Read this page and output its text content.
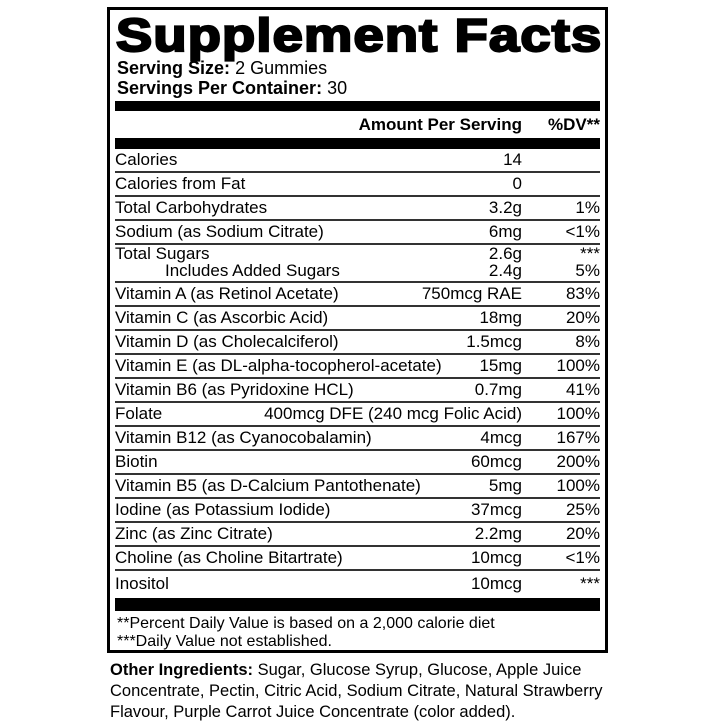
Supplement Facts
Serving Size: 2 Gummies
Servings Per Container: 30
Amount Per Serving	%DV**
Calories	14
Calories from Fat	0
Total Carbohydrates	3.2g	1%
Sodium (as Sodium Citrate)	6mg	<1%
Total Sugars	2.6g	***
Includes Added Sugars	2.4g	5%
Vitamin A (as Retinol Acetate)	750mcg RAE	83%
Vitamin C (as Ascorbic Acid)	18mg	20%
Vitamin D (as Cholecalciferol)	1.5mcg	8%
Vitamin E (as DL-alpha-tocopherol-acetate)	15mg	100%
Vitamin B6 (as Pyridoxine HCL)	0.7mg	41%
Folate	400mcg DFE (240 mcg Folic Acid)	100%
Vitamin B12 (as Cyanocobalamin)	4mcg	167%
Biotin	60mcg	200%
Vitamin B5 (as D-Calcium Pantothenate)	5mg	100%
Iodine (as Potassium Iodide)	37mcg	25%
Zinc (as Zinc Citrate)	2.2mg	20%
Choline (as Choline Bitartrate)	10mcg	<1%
Inositol	10mcg	***
**Percent Daily Value is based on a 2,000 calorie diet
***Daily Value not established.
Other Ingredients: Sugar, Glucose Syrup, Glucose, Apple Juice Concentrate, Pectin, Citric Acid, Sodium Citrate, Natural Strawberry Flavour, Purple Carrot Juice Concentrate (color added).
